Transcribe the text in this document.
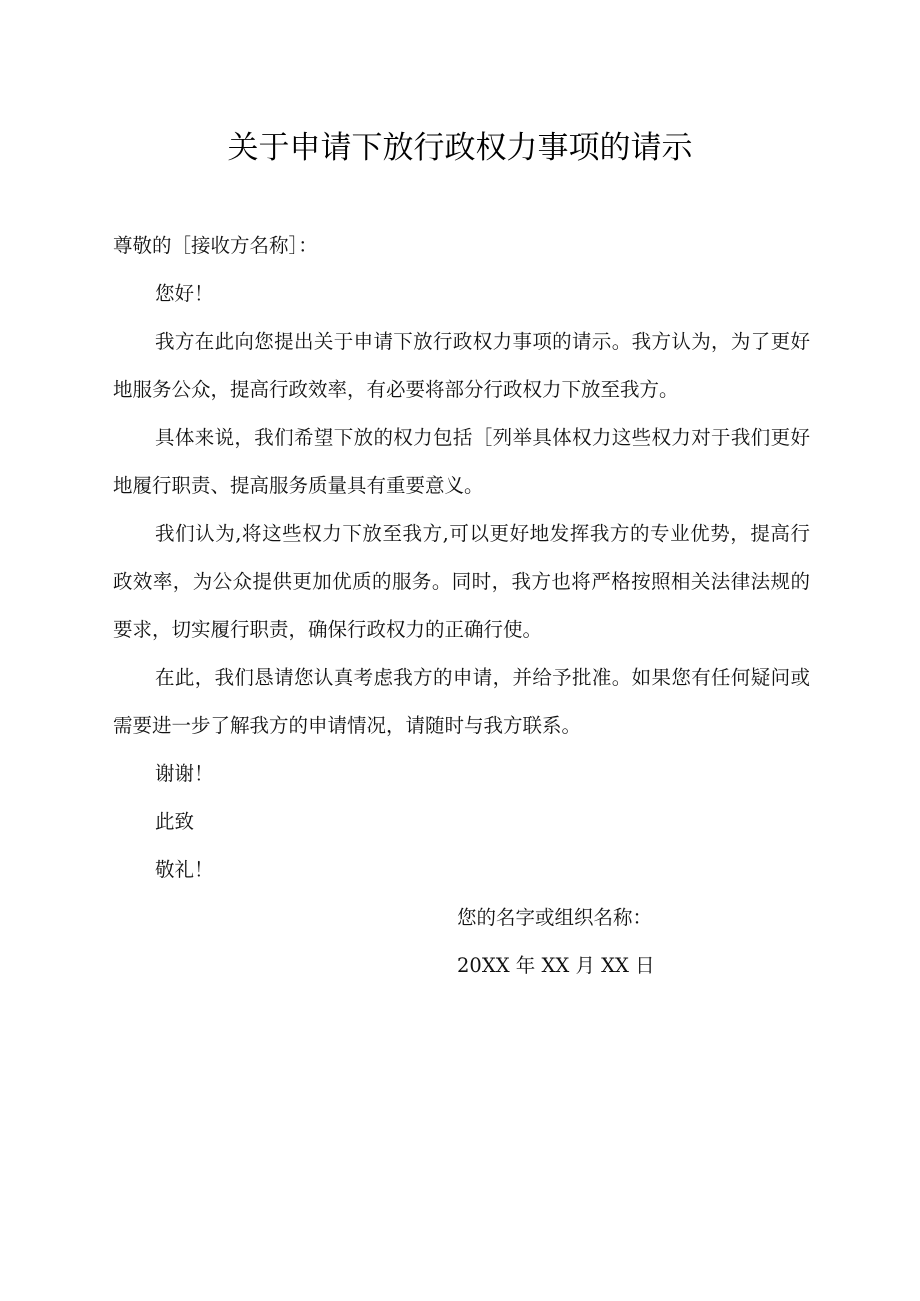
关于申请下放行政权力事项的请示

尊敬的［接收方名称］：

您好！

我方在此向您提出关于申请下放行政权力事项的请示。我方认为，为了更好地服务公众，提高行政效率，有必要将部分行政权力下放至我方。

具体来说，我们希望下放的权力包括［列举具体权力这些权力对于我们更好地履行职责、提高服务质量具有重要意义。

我们认为,将这些权力下放至我方,可以更好地发挥我方的专业优势，提高行政效率，为公众提供更加优质的服务。同时，我方也将严格按照相关法律法规的要求，切实履行职责，确保行政权力的正确行使。

在此，我们恳请您认真考虑我方的申请，并给予批准。如果您有任何疑问或需要进一步了解我方的申请情况，请随时与我方联系。

谢谢！

此致

敬礼！

您的名字或组织名称：

20XX 年 XX 月 XX 日
